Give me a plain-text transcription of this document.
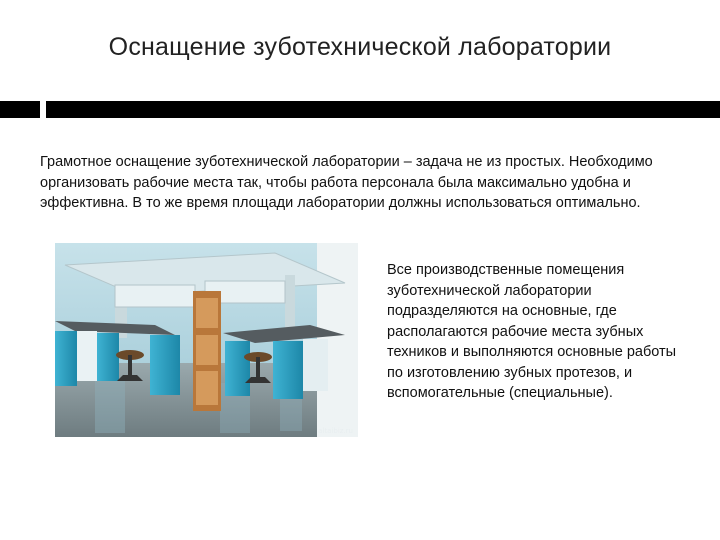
Оснащение зуботехнической лаборатории
Грамотное оснащение зуботехнической лаборатории – задача не из простых. Необходимо организовать рабочие места так, чтобы работа персонала была максимально удобна и эффективна. В то же время площади лаборатории должны использоваться оптимально.
altaibiz.ru
Все производственные помещения зуботехнической лаборатории подразделяются на основные, где располагаются рабочие места зубных техников и выполняются основные работы по изготовлению зубных протезов, и вспомогательные (специальные).
